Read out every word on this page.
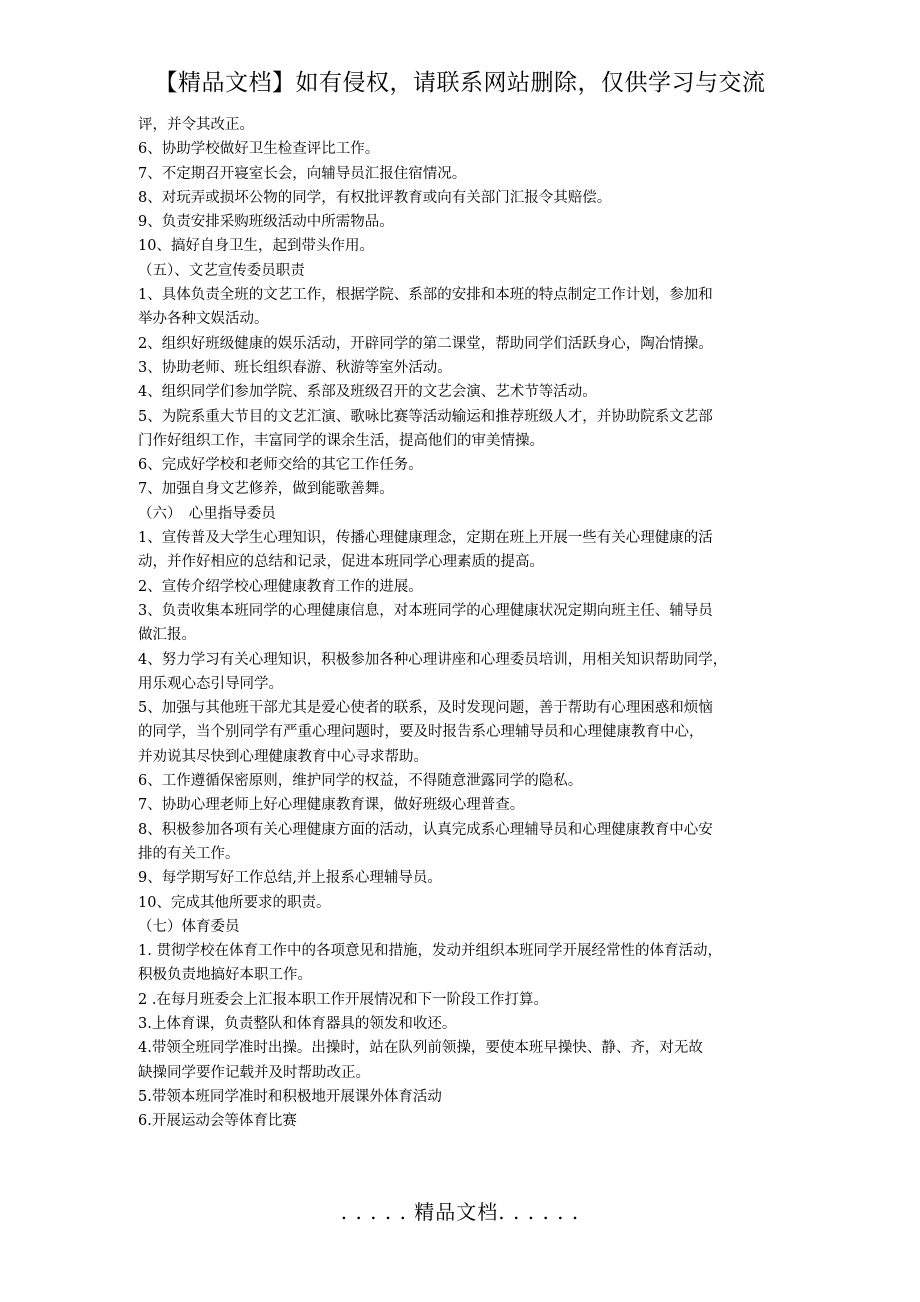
【精品文档】如有侵权，请联系网站删除，仅供学习与交流
评，并令其改正。
6、协助学校做好卫生检查评比工作。
7、不定期召开寝室长会，向辅导员汇报住宿情况。
8、对玩弄或损坏公物的同学，有权批评教育或向有关部门汇报令其赔偿。
9、负责安排采购班级活动中所需物品。
10、搞好自身卫生，起到带头作用。
（五）、文艺宣传委员职责
1、具体负责全班的文艺工作，根据学院、系部的安排和本班的特点制定工作计划，参加和
举办各种文娱活动。
2、组织好班级健康的娱乐活动，开辟同学的第二课堂，帮助同学们活跃身心，陶冶情操。
3、协助老师、班长组织春游、秋游等室外活动。
4、组织同学们参加学院、系部及班级召开的文艺会演、艺术节等活动。
5、为院系重大节目的文艺汇演、歌咏比赛等活动输运和推荐班级人才，并协助院系文艺部
门作好组织工作，丰富同学的课余生活，提高他们的审美情操。
6、完成好学校和老师交给的其它工作任务。
7、加强自身文艺修养，做到能歌善舞。
（六）　心里指导委员
1、宣传普及大学生心理知识，传播心理健康理念，定期在班上开展一些有关心理健康的活
动，并作好相应的总结和记录，促进本班同学心理素质的提高。
2、宣传介绍学校心理健康教育工作的进展。
3、负责收集本班同学的心理健康信息，对本班同学的心理健康状况定期向班主任、辅导员
做汇报。
4、努力学习有关心理知识，积极参加各种心理讲座和心理委员培训，用相关知识帮助同学，
用乐观心态引导同学。
5、加强与其他班干部尤其是爱心使者的联系，及时发现问题，善于帮助有心理困惑和烦恼
的同学，当个别同学有严重心理问题时，要及时报告系心理辅导员和心理健康教育中心，
并劝说其尽快到心理健康教育中心寻求帮助。
6、工作遵循保密原则，维护同学的权益，不得随意泄露同学的隐私。
7、协助心理老师上好心理健康教育课，做好班级心理普查。
8、积极参加各项有关心理健康方面的活动，认真完成系心理辅导员和心理健康教育中心安
排的有关工作。
9、每学期写好工作总结,并上报系心理辅导员。
10、完成其他所要求的职责。
（七）体育委员
1. 贯彻学校在体育工作中的各项意见和措施，发动并组织本班同学开展经常性的体育活动，
积极负责地搞好本职工作。
2 .在每月班委会上汇报本职工作开展情况和下一阶段工作打算。
3.上体育课，负责整队和体育器具的领发和收还。
4.带领全班同学准时出操。出操时，站在队列前领操，要使本班早操快、静、齐，对无故
缺操同学要作记载并及时帮助改正。
5.带领本班同学准时和积极地开展课外体育活动
6.开展运动会等体育比赛
. . . . . 精品文档. . . . . .
